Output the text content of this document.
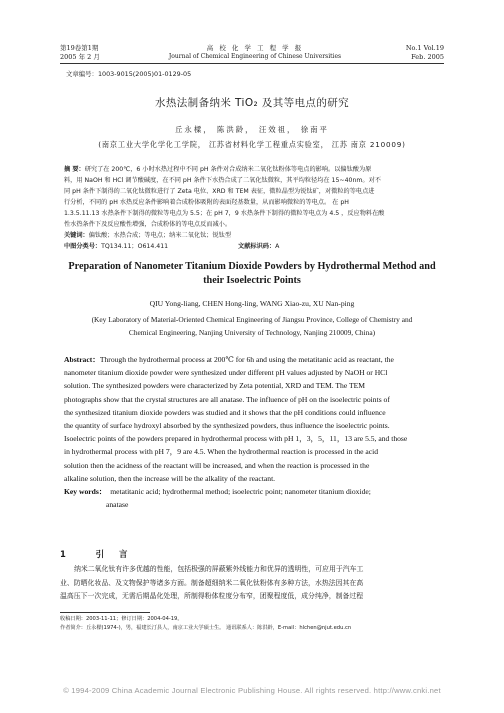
第19卷第1期
2005 年 2 月
高 校 化 学 工 程 学 报
Journal of Chemical Engineering of Chinese Universities
No.1 Vol.19
Feb. 2005
文章编号：1003-9015(2005)01-0129-05
水热法制备纳米 TiO₂ 及其等电点的研究
丘永樑， 陈洪龄， 汪效祖， 徐南平
(南京工业大学化学化工学院， 江苏省材料化学工程重点实验室， 江苏 南京 210009)
摘 要：研究了在 200℃，6 小时水热过程中不同 pH 条件对合成纳米二氧化钛粉体等电点的影响。以偏钛酸为原
料，用 NaOH 和 HCl 调节酸碱度，在不同 pH 条件下水热合成了二氧化钛微粒，其平均粒径均在 15~40nm。对不
同 pH 条件下制得的二氧化钛微粒进行了 Zeta 电位、XRD 和 TEM 表征，微粒晶型为锐钛矿，对微粒的等电点进
行分析，不同的 pH 水热反应条件影响着合成粉体吸附的表面羟基数量，从而影响微粒的等电点。 在 pH
1.3.5.11.13 水热条件下制得的微粒等电点为 5.5；在 pH 7，9 水热条件下制得的微粒等电点为 4.5 ，反应物料在酸
性水热条件下及反应酸性增强，合成粉体的等电点反而减小。
关键词：偏钛酸；水热合成；等电点；纳米二氧化钛；锐钛型
中图分类号：TQ134.11；O614.411	文献标识码：A
Preparation of Nanometer Titanium Dioxide Powders by Hydrothermal Method and
their Isoelectric Points
QIU Yong-liang, CHEN Hong-ling, WANG Xiao-zu, XU Nan-ping
(Key Laboratory of Material-Oriented Chemical Engineering of Jiangsu Province, College of Chemistry and
Chemical Engineering, Nanjing University of Technology, Nanjing 210009, China)
Abstract：Through the hydrothermal process at 200℃ for 6h and using the metatitanic acid as reactant, the
nanometer titanium dioxide powder were synthesized under different pH values adjusted by NaOH or HCl
solution. The synthesized powders were characterized by Zeta potential, XRD and TEM. The TEM
photographs show that the crystal structures are all anatase. The influence of pH on the isoelectric points of
the synthesized titanium dioxide powders was studied and it shows that the pH conditions could influence
the quantity of surface hydroxyl absorbed by the synthesized powders, thus influence the isoelectric points.
Isoelectric points of the powders prepared in hydrothermal process with pH 1，3，5，11，13 are 5.5, and those
in hydrothermal process with pH 7，9 are 4.5. When the hydrothermal reaction is processed in the acid
solution then the acidness of the reactant will be increased, and when the reaction is processed in the
alkaline solution, then the increase will be the alkality of the reactant.
Key words： metatitanic acid; hydrothermal method; isoelectric point; nanometer titanium dioxide;
anatase
1	引 言
纳米二氧化钛有许多优越的性能，包括极强的屏蔽紫外线能力和优异的透明性，可应用于汽车工
业、防晒化妆品、及文物保护等诸多方面。制备超细纳米二氧化钛粉体有多种方法，水热法因其在高
温高压下一次完成，无需后期晶化处理，所制得粉体粒度分布窄，团聚程度低，成分纯净，制备过程
收稿日期：2003-11-11；修订日期：2004-04-19。
作者简介：丘永樑(1974-)，男，福建长汀县人，南京工业大学硕士生。 通讯联系人：陈洪龄，E-mail：hlchen@njut.edu.cn
© 1994-2009 China Academic Journal Electronic Publishing House. All rights reserved. http://www.cnki.net
